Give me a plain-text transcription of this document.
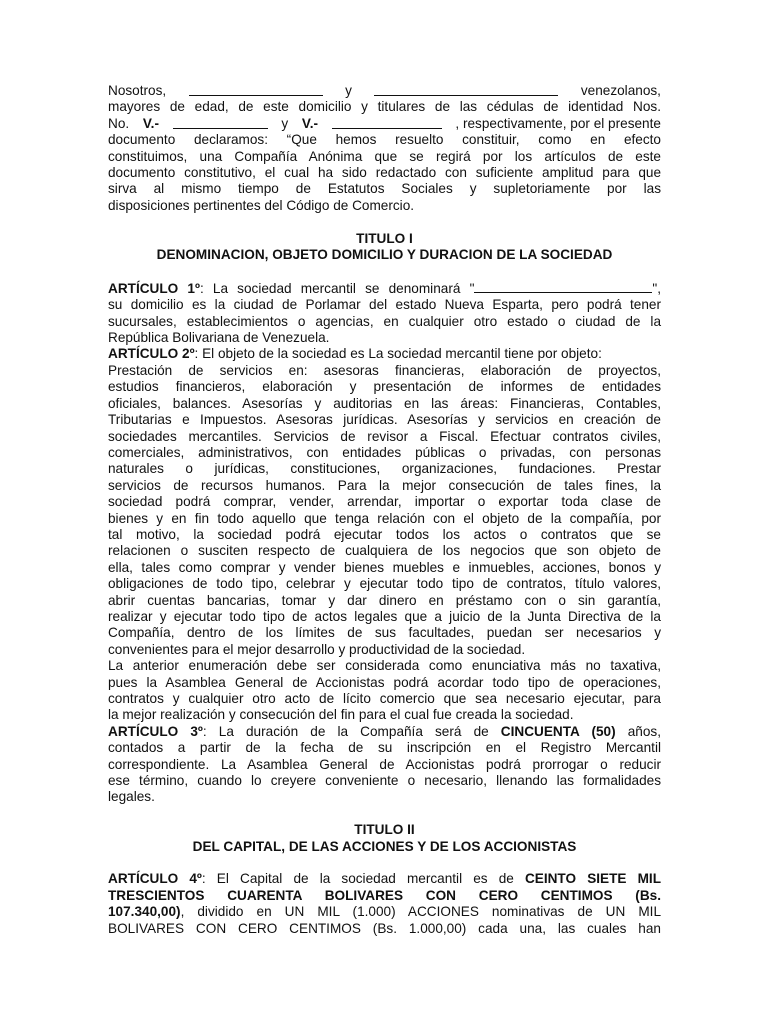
Nosotros,	y	venezolanos,

mayores de edad, de este domicilio y titulares de las cédulas de identidad Nos.

No. V.-	y V.-	, respectivamente, por el presente

documento declaramos: “Que hemos resuelto constituir, como en efecto

constituimos, una Compañía Anónima que se regirá por los artículos de este

documento constitutivo, el cual ha sido redactado con suficiente amplitud para que

sirva al mismo tiempo de Estatutos Sociales y supletoriamente por las

disposiciones pertinentes del Código de Comercio.

TITULO I

DENOMINACION, OBJETO DOMICILIO Y DURACION DE LA SOCIEDAD

ARTÍCULO 1º: La sociedad mercantil se denominará "	",

su domicilio es la ciudad de Porlamar del estado Nueva Esparta, pero podrá tener

sucursales, establecimientos o agencias, en cualquier otro estado o ciudad de la

República Bolivariana de Venezuela.

ARTÍCULO 2º: El objeto de la sociedad es La sociedad mercantil tiene por objeto:

Prestación de servicios en: asesoras financieras, elaboración de proyectos,

estudios financieros, elaboración y presentación de informes de entidades

oficiales, balances. Asesorías y auditorias en las áreas: Financieras, Contables,

Tributarias e Impuestos. Asesoras jurídicas. Asesorías y servicios en creación de

sociedades mercantiles. Servicios de revisor a Fiscal. Efectuar contratos civiles,

comerciales, administrativos, con entidades públicas o privadas, con personas

naturales o jurídicas, constituciones, organizaciones, fundaciones. Prestar

servicios de recursos humanos. Para la mejor consecución de tales fines, la

sociedad podrá comprar, vender, arrendar, importar o exportar toda clase de

bienes y en fin todo aquello que tenga relación con el objeto de la compañía, por

tal motivo, la sociedad podrá ejecutar todos los actos o contratos que se

relacionen o susciten respecto de cualquiera de los negocios que son objeto de

ella, tales como comprar y vender bienes muebles e inmuebles, acciones, bonos y

obligaciones de todo tipo, celebrar y ejecutar todo tipo de contratos, título valores,

abrir cuentas bancarias, tomar y dar dinero en préstamo con o sin garantía,

realizar y ejecutar todo tipo de actos legales que a juicio de la Junta Directiva de la

Compañía, dentro de los límites de sus facultades, puedan ser necesarios y

convenientes para el mejor desarrollo y productividad de la sociedad.

La anterior enumeración debe ser considerada como enunciativa más no taxativa,

pues la Asamblea General de Accionistas podrá acordar todo tipo de operaciones,

contratos y cualquier otro acto de lícito comercio que sea necesario ejecutar, para

la mejor realización y consecución del fin para el cual fue creada la sociedad.

ARTÍCULO 3º: La duración de la Compañía será de CINCUENTA (50) años,

contados a partir de la fecha de su inscripción en el Registro Mercantil

correspondiente. La Asamblea General de Accionistas podrá prorrogar o reducir

ese término, cuando lo creyere conveniente o necesario, llenando las formalidades

legales.

TITULO II

DEL CAPITAL, DE LAS ACCIONES Y DE LOS ACCIONISTAS

ARTÍCULO 4º: El Capital de la sociedad mercantil es de CEINTO SIETE MIL

TRESCIENTOS CUARENTA BOLIVARES CON CERO CENTIMOS (Bs.

107.340,00), dividido en UN MIL (1.000) ACCIONES nominativas de UN MIL

BOLIVARES CON CERO CENTIMOS (Bs. 1.000,00) cada una, las cuales han
